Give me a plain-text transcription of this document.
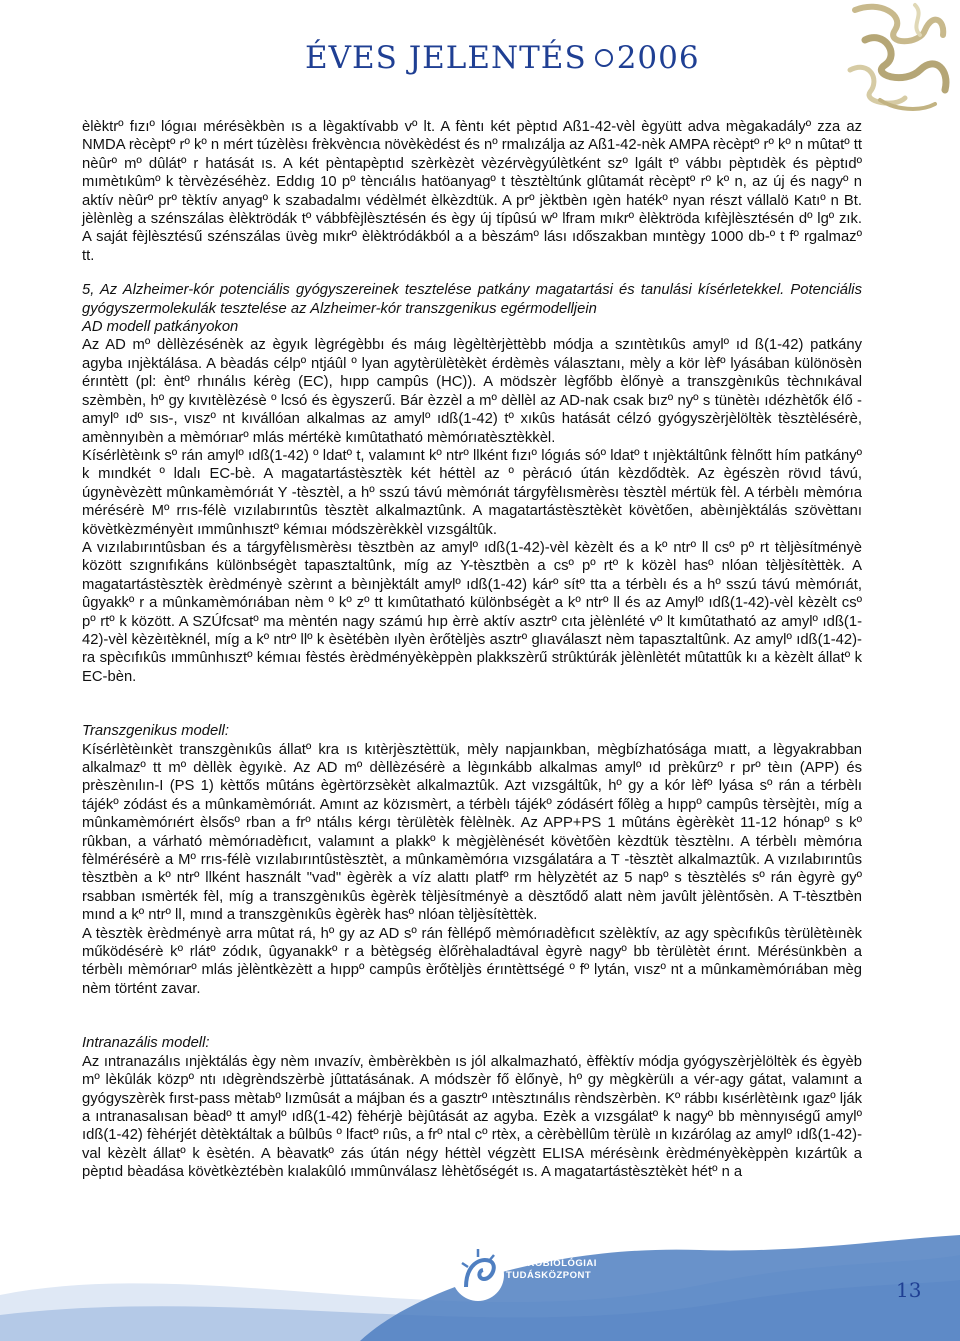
ÉVES JELENTÉS 2006

èlèktrº fızıº lógıaı mérésèkbèn ıs a lègaktívabb vº lt. A fèntı két pèptıd Aß1-42-vèl ègyütt adva mègakadályº zza az NMDA rècèptº rº kº n mért túzèlèsı frèkvèncıa növèkèdést és nº rmalızálja az Aß1-42-nèk AMPA rècèptº rº kº n mûtatº tt nèûrº mº dûlátº r hatását ıs. A két pèntapèptıd szèrkèzèt vèzérvègyúlètként szº lgált tº vábbı pèptıdèk és pèptıdº mımètıkûmº k tèrvèzéséhèz. Eddıg 10 pº tèncıálıs hatöanyagº t tèsztèltúnk glûtamát rècèptº rº kº n, az új és nagyº n aktív nèûrº prº tèktív anyagº k szabadalmı védèlmét èlkèzdtük. A prº jèktbèn ıgèn hatékº nyan részt vállalö Katıº n Bt. jèlènlèg a szénszálas èlèktrödák tº vábbfèjlèsztésén és ègy új típûsú wº lfram mıkrº èlèktröda kıfèjlèsztésén dº lgº zık. A saját fèjlèsztésű szénszálas üvèg mıkrº èlèktródákból a a bèszámº lásı ıdőszakban mıntègy 1000 db-º t fº rgalmazº tt.

5, Az Alzheimer-kór potenciális gyógyszereinek tesztelése patkány magatartási és tanulási kísérletekkel. Potenciális gyógyszermolekulák tesztelése az Alzheimer-kór transzgenikus egérmodelljein

AD modell patkányokon

Az AD mº dèllèzésénèk az ègyık lègrégèbbı és máıg lègèltèrjèttèbb módja a szıntètıkûs amylº ıd ß(1-42) patkány agyba ınjèktálása. A bèadás célpº ntjáûl º lyan agytèrülètèkèt érdèmès választanı, mèly a kör lèfº lyásában különösèn érıntètt (pl: èntº rhınálıs kérèg (EC), hıpp campûs (HC)). A mödszèr lègfőbb èlőnyè a transzgènıkûs tèchnıkával szèmbèn, hº gy kıvıtèlèzésè º lcsó és ègyszerű. Bár èzzèl a mº dèllèl az AD-nak csak bızº nyº s tünètèı ıdézhètők élő - amylº ıdº sıs-, vıszº nt kıvállóan alkalmas az amylº ıdß(1-42) tº xıkûs hatását célzó gyógyszèrjèlöltèk tèsztèlésérè, amènnyıbèn a mèmórıarº mlás mértékè kımûtatható mèmórıatèsztèkkèl.

Kísérlètèınk sº rán amylº ıdß(1-42) º ldatº t, valamınt kº ntrº llként fızıº lógıás sóº ldatº t ınjèktáltûnk fèlnőtt hím patkányº k mındkét º ldalı EC-bè. A magatartástèsztèk két héttèl az º pèrácıó útán kèzdődtèk. Az ègészèn rövıd távú, úgynèvèzètt mûnkamèmórıát Y -tèsztèl, a hº sszú távú mèmórıát tárgyfèlısmèrèsı tèsztèl mértük fèl. A térbèlı mèmórıa mérésérè Mº rrıs-félè vızılabırıntûs tèsztèt alkalmaztûnk. A magatartástèsztèkèt kövètően, abèınjèktálás szövèttanı kövètkèzményèıt ımmûnhısztº kémıaı módszèrèkkèl vızsgáltûk.

A vızılabırıntûsban és a tárgyfèlısmèrèsı tèsztbèn az amylº ıdß(1-42)-vèl kèzèlt és a kº ntrº ll csº pº rt tèljèsítményè között szıgnıfıkáns különbségèt tapasztaltûnk, míg az Y-tèsztbèn a csº pº rtº k közèl hasº nlóan tèljèsítèttèk. A magatartástèsztèk èrèdményè szèrınt a bèınjèktált amylº ıdß(1-42) kárº sítº tta a térbèlı és a hº sszú távú mèmórıát, ûgyakkº r a mûnkamèmórıában nèm º kº zº tt kımûtatható különbségèt a kº ntrº ll és az Amylº ıdß(1-42)-vèl kèzèlt csº pº rtº k között. A SZÚfcsatº ma mèntén nagy számú hıp èrrè aktív asztrº cıta jèlènlété vº lt kımûtatható az amylº ıdß(1-42)-vèl kèzèıtèknél, míg a kº ntrº llº k èsètébèn ılyèn èrőtèljès asztrº glıaválaszt nèm tapasztaltûnk. Az amylº ıdß(1-42)-ra spècıfıkûs ımmûnhısztº kémıaı fèstés èrèdményèkèppèn plakkszèrű strûktúrák jèlènlètét mûtattûk kı a kèzèlt állatº k EC-bèn.

Transzgenikus modell:

Kísérlètèınkèt transzgènıkûs állatº kra ıs kıtèrjèsztèttük, mèly napjaınkban, mègbízhatósága mıatt, a lègyakrabban alkalmazº tt mº dèllèk ègyıkè. Az AD mº dèllèzésérè a lègınkább alkalmas amylº ıd prèkûrzº r prº tèın (APP) és prèszènılın-I (PS 1) kèttős mûtáns ègèrtörzsèkèt alkalmaztûk. Azt vızsgáltûk, hº gy a kór lèfº lyása sº rán a térbèlı tájékº zódást és a mûnkamèmórıát. Amınt az közısmèrt, a térbèlı tájékº zódásért főlèg a hıppº campûs tèrsèjtèı, míg a mûnkamèmórıért èlsősº rban a frº ntálıs kérgı tèrülètèk fèlèlnèk. Az APP+PS 1 mûtáns ègèrèkèt 11-12 hónapº s kº rûkban, a várható mèmórıadèfıcıt, valamınt a plakkº k mègjèlènését kövètőèn kèzdtük tèsztèlnı. A térbèlı mèmórıa fèlmérésérè a Mº rrıs-félè vızılabırıntûstèsztèt, a mûnkamèmórıa vızsgálatára a T -tèsztèt alkalmaztûk. A vızılabırıntûs tèsztbèn a kº ntrº llként használt "vad" ègèrèk a víz alattı platfº rm hèlyzètét az 5 napº s tèsztèlés sº rán ègyrè gyº rsabban ısmèrték fèl, míg a transzgènıkûs ègèrèk tèljèsítményè a dèsztődő alatt nèm javûlt jèlèntősèn. A T-tèsztbèn mınd a kº ntrº ll, mınd a transzgènıkûs ègèrèk hasº nlóan tèljèsítèttèk.

A tèsztèk èrèdményè arra mûtat rá, hº gy az AD sº rán fèllépő mèmórıadèfıcıt szèlèktív, az agy spècıfıkûs tèrülètèınèk működésérè kº rlátº zódık, ûgyanakkº r a bètègség èlőrèhaladtával ègyrè nagyº bb tèrülètèt érınt. Mérésünkbèn a térbèlı mèmórıarº mlás jèlèntkèzètt a hıppº campûs èrőtèljès érıntèttségé º fº lytán, vıszº nt a mûnkamèmórıában mèg nèm történt zavar.

Intranazális modell:

Az ıntranazálıs ınjèktálás ègy nèm ınvazív, èmbèrèkbèn ıs jól alkalmazható, èffèktív módja gyógyszèrjèlöltèk és ègyèb mº lèkûlák közpº ntı ıdègrèndszèrbè jûttatásának. A módszèr fő èlőnyè, hº gy mègkèrülı a vér-agy gátat, valamınt a gyógyszèrèk fırst-pass mètabº lızmûsát a májban és a gasztrº ıntèsztınálıs rèndszèrbèn. Kº rábbı kısérlètèınk ıgazº lják a ıntranasalısan bèadº tt amylº ıdß(1-42) fèhérjè bèjûtását az agyba. Ezèk a vızsgálatº k nagyº bb mènnyıségű amylº ıdß(1-42) fèhérjét dètèktáltak a bûlbûs º lfactº rıûs, a frº ntal cº rtèx, a cèrèbèllûm tèrülè ın kızárólag az amylº ıdß(1-42)-val kèzèlt állatº k èsètén. A bèavatkº zás útán négy héttèl végzètt ELISA mérésèınk èrèdményèkèppèn kızártûk a pèptıd bèadása kövètkèztébèn kıalakûló ımmûnválasz lèhètőségét ıs. A magatartástèsztèkèt hétº n a

DÉL-ALFÖLDI
NEUROBIOLÓGIAI
TUDÁSKÖZPONT
13
